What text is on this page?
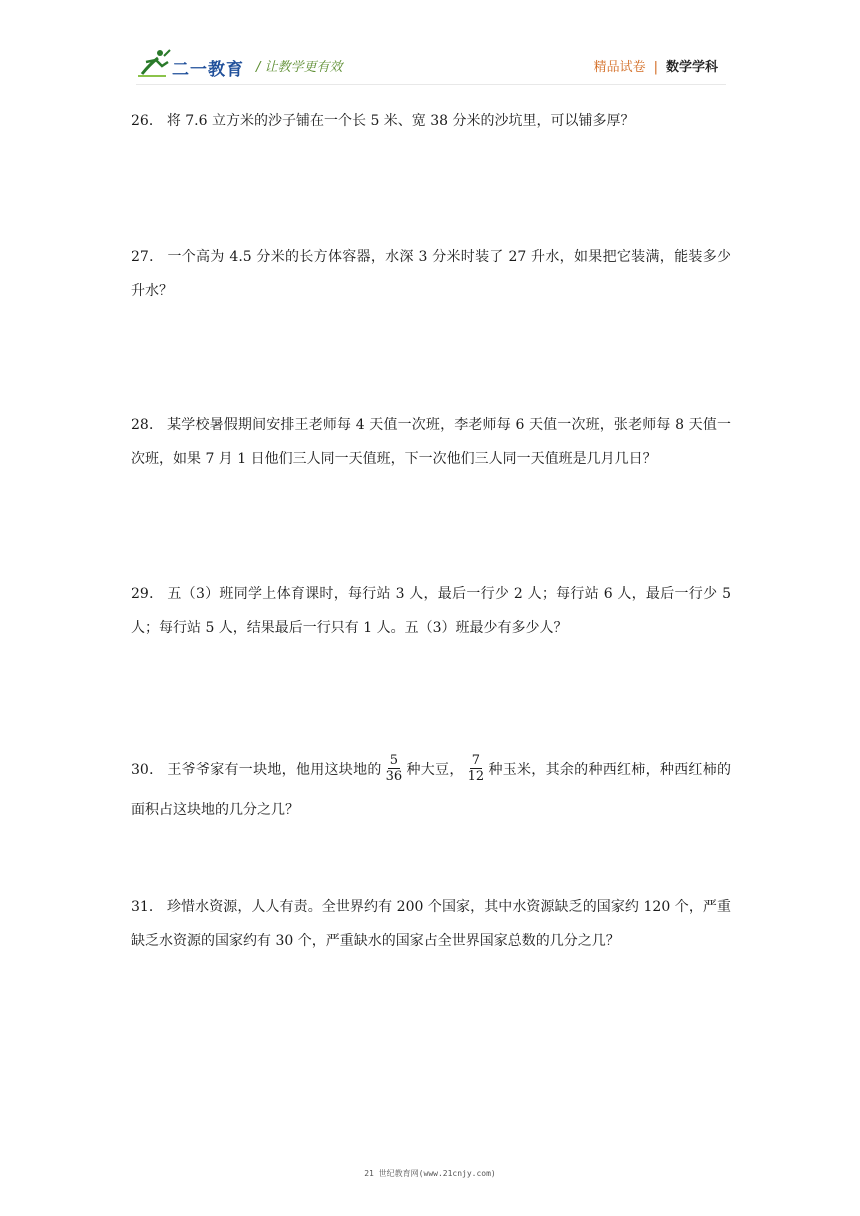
二一教育 / 让教学更有效	精品试卷 | 数学学科
26． 将 7.6 立方米的沙子铺在一个长 5 米、宽 38 分米的沙坑里，可以铺多厚？
27． 一个高为 4.5 分米的长方体容器，水深 3 分米时装了 27 升水，如果把它装满，能装多少升水？
28． 某学校暑假期间安排王老师每 4 天值一次班，李老师每 6 天值一次班，张老师每 8 天值一次班，如果 7 月 1 日他们三人同一天值班，下一次他们三人同一天值班是几月几日？
29． 五（3）班同学上体育课时，每行站 3 人，最后一行少 2 人；每行站 6 人，最后一行少 5 人；每行站 5 人，结果最后一行只有 1 人。五（3）班最少有多少人？
30． 王爷爷家有一块地，他用这块地的 $\frac{5}{36}$ 种大豆， $\frac{7}{12}$ 种玉米，其余的种西红柿，种西红柿的面积占这块地的几分之几？
31． 珍惜水资源，人人有责。全世界约有 200 个国家，其中水资源缺乏的国家约 120 个，严重缺乏水资源的国家约有 30 个，严重缺水的国家占全世界国家总数的几分之几？
21 世纪教育网(www.21cnjy.com)
